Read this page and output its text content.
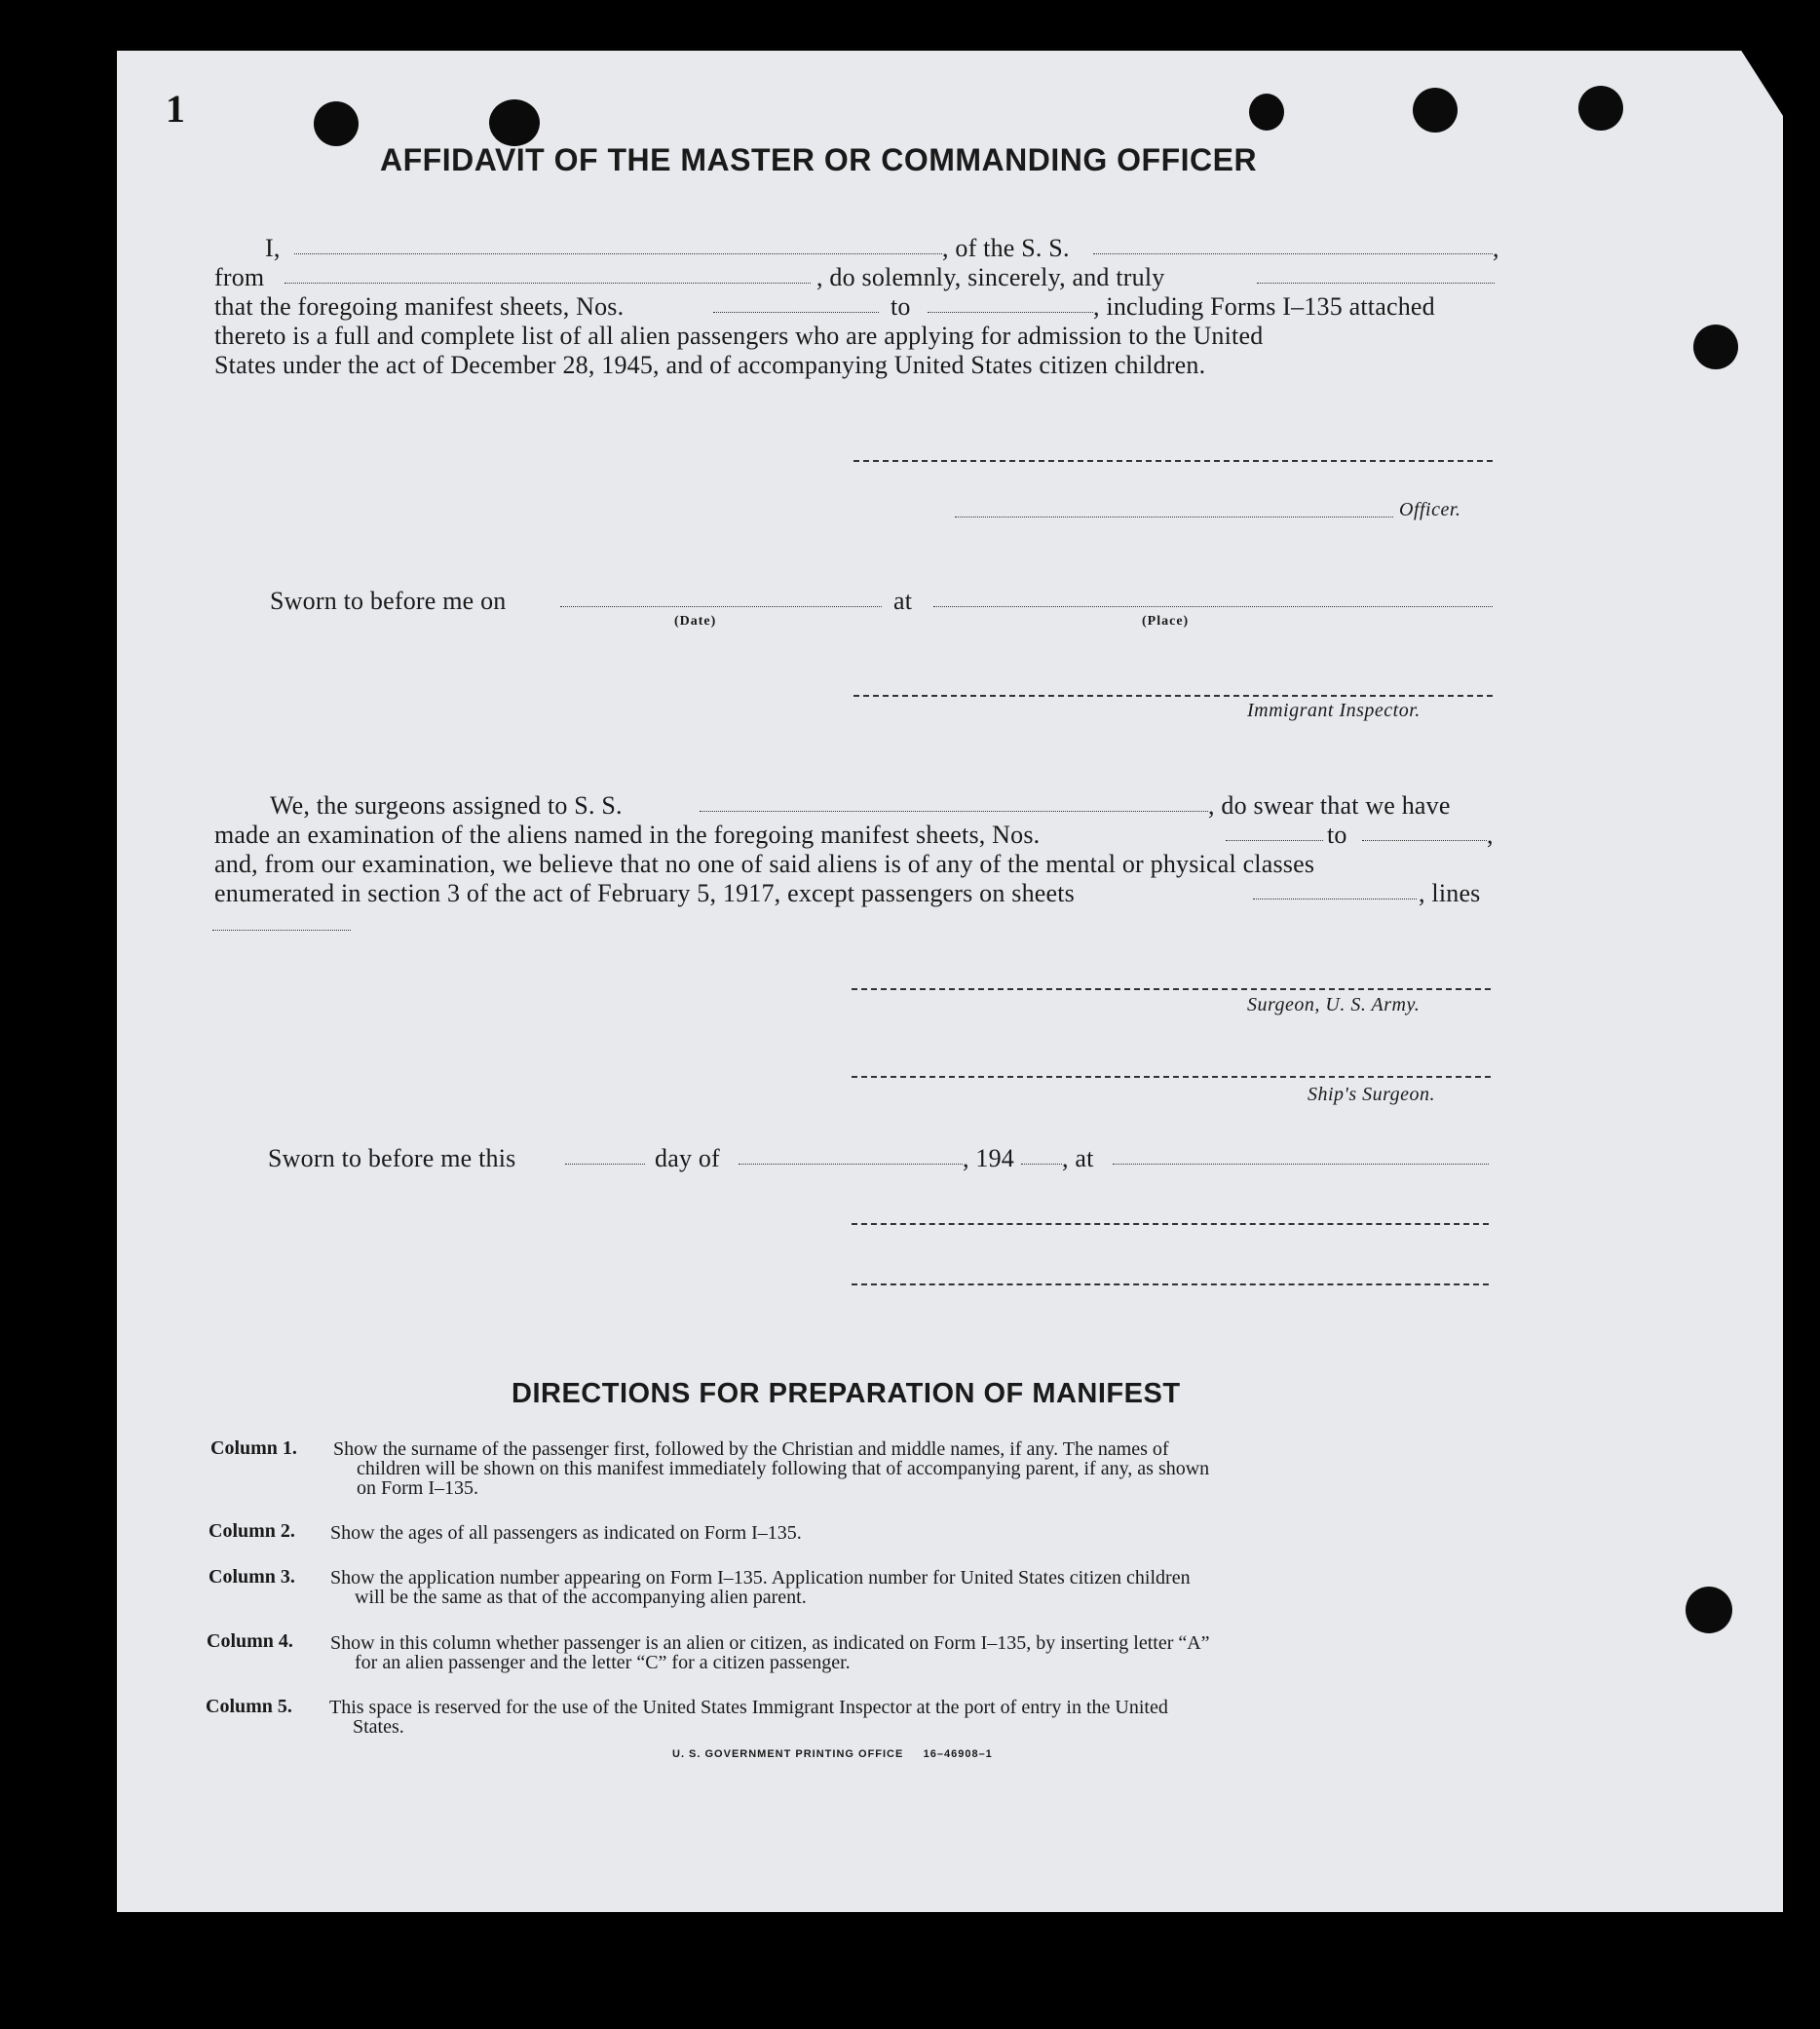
1
AFFIDAVIT OF THE MASTER OR COMMANDING OFFICER
I,	, of the S. S.	,
from	, do solemnly, sincerely, and truly
that the foregoing manifest sheets, Nos.	to	, including Forms I–135 attached
thereto is a full and complete list of all alien passengers who are applying for admission to the United
States under the act of December 28, 1945, and of accompanying United States citizen children.
Officer.
Sworn to before me on
(Date)
at
(Place)
Immigrant Inspector.
We, the surgeons assigned to S. S.	, do swear that we have
made an examination of the aliens named in the foregoing manifest sheets, Nos.	to	,
and, from our examination, we believe that no one of said aliens is of any of the mental or physical classes
enumerated in section 3 of the act of February 5, 1917, except passengers on sheets	, lines
Surgeon, U. S. Army.
Ship's Surgeon.
Sworn to before me this	day of	, 194 , at
DIRECTIONS FOR PREPARATION OF MANIFEST
Column 1. Show the surname of the passenger first, followed by the Christian and middle names, if any. The names of
children will be shown on this manifest immediately following that of accompanying parent, if any, as shown
on Form I–135.
Column 2. Show the ages of all passengers as indicated on Form I–135.
Column 3. Show the application number appearing on Form I–135. Application number for United States citizen children
will be the same as that of the accompanying alien parent.
Column 4. Show in this column whether passenger is an alien or citizen, as indicated on Form I–135, by inserting letter “A”
for an alien passenger and the letter “C” for a citizen passenger.
Column 5. This space is reserved for the use of the United States Immigrant Inspector at the port of entry in the United
States.
U. S. GOVERNMENT PRINTING OFFICE     16–46908–1
